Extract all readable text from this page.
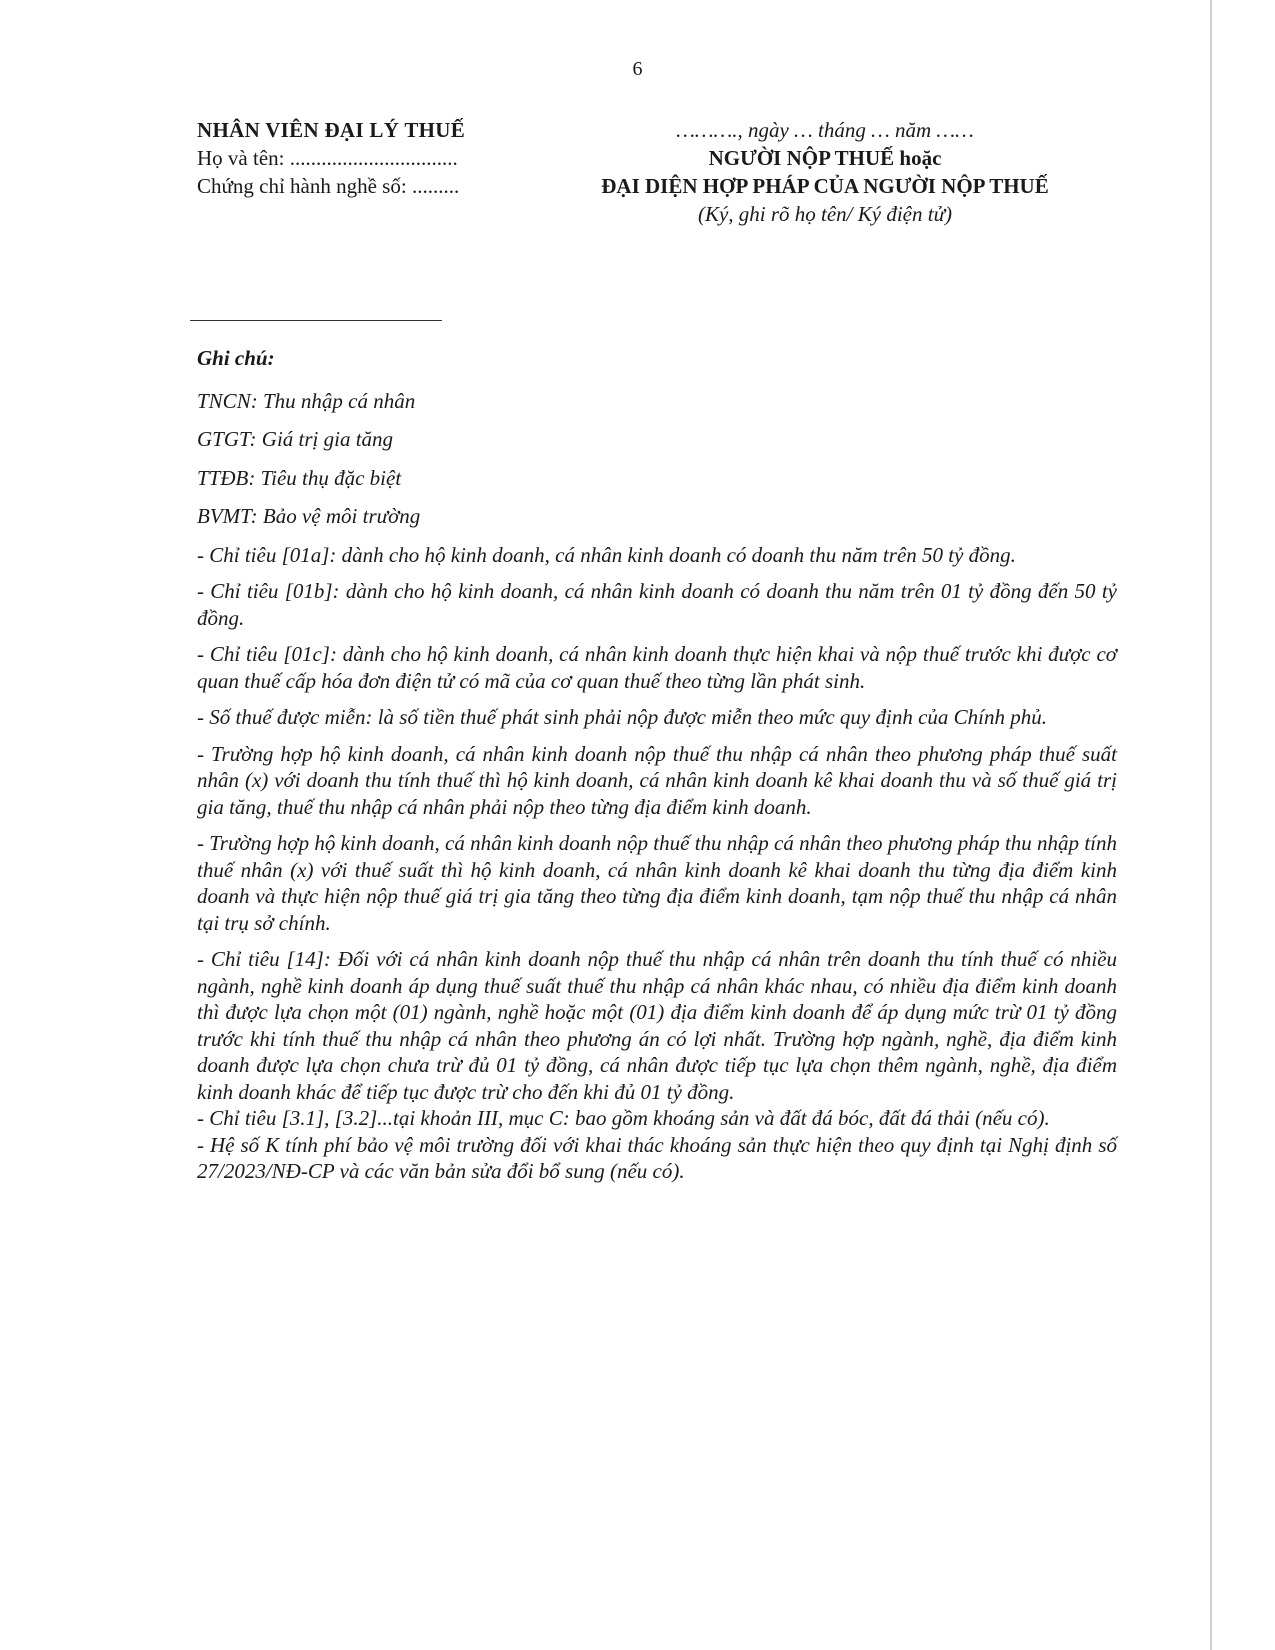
6
NHÂN VIÊN ĐẠI LÝ THUẾ
Họ và tên: ................................
Chứng chỉ hành nghề số: .........
………., ngày … tháng … năm ……
NGƯỜI NỘP THUẾ hoặc
ĐẠI DIỆN HỢP PHÁP CỦA NGƯỜI NỘP THUẾ
(Ký, ghi rõ họ tên/ Ký điện tử)
Ghi chú:
TNCN: Thu nhập cá nhân
GTGT: Giá trị gia tăng
TTĐB: Tiêu thụ đặc biệt
BVMT: Bảo vệ môi trường
- Chỉ tiêu [01a]: dành cho hộ kinh doanh, cá nhân kinh doanh có doanh thu năm trên 50 tỷ đồng.
- Chỉ tiêu [01b]: dành cho hộ kinh doanh, cá nhân kinh doanh có doanh thu năm trên 01 tỷ đồng đến 50 tỷ đồng.
- Chỉ tiêu [01c]: dành cho hộ kinh doanh, cá nhân kinh doanh thực hiện khai và nộp thuế trước khi được cơ quan thuế cấp hóa đơn điện tử có mã của cơ quan thuế theo từng lần phát sinh.
- Số thuế được miễn: là số tiền thuế phát sinh phải nộp được miễn theo mức quy định của Chính phủ.
- Trường hợp hộ kinh doanh, cá nhân kinh doanh nộp thuế thu nhập cá nhân theo phương pháp thuế suất nhân (x) với doanh thu tính thuế thì hộ kinh doanh, cá nhân kinh doanh kê khai doanh thu và số thuế giá trị gia tăng, thuế thu nhập cá nhân phải nộp theo từng địa điểm kinh doanh.
- Trường hợp hộ kinh doanh, cá nhân kinh doanh nộp thuế thu nhập cá nhân theo phương pháp thu nhập tính thuế nhân (x) với thuế suất thì hộ kinh doanh, cá nhân kinh doanh kê khai doanh thu từng địa điểm kinh doanh và thực hiện nộp thuế giá trị gia tăng theo từng địa điểm kinh doanh, tạm nộp thuế thu nhập cá nhân tại trụ sở chính.
- Chỉ tiêu [14]: Đối với cá nhân kinh doanh nộp thuế thu nhập cá nhân trên doanh thu tính thuế có nhiều ngành, nghề kinh doanh áp dụng thuế suất thuế thu nhập cá nhân khác nhau, có nhiều địa điểm kinh doanh thì được lựa chọn một (01) ngành, nghề hoặc một (01) địa điểm kinh doanh để áp dụng mức trừ 01 tỷ đồng trước khi tính thuế thu nhập cá nhân theo phương án có lợi nhất. Trường hợp ngành, nghề, địa điểm kinh doanh được lựa chọn chưa trừ đủ 01 tỷ đồng, cá nhân được tiếp tục lựa chọn thêm ngành, nghề, địa điểm kinh doanh khác để tiếp tục được trừ cho đến khi đủ 01 tỷ đồng.
- Chỉ tiêu [3.1], [3.2]...tại khoản III, mục C: bao gồm khoáng sản và đất đá bóc, đất đá thải (nếu có).
- Hệ số K tính phí bảo vệ môi trường đối với khai thác khoáng sản thực hiện theo quy định tại Nghị định số 27/2023/NĐ-CP và các văn bản sửa đổi bổ sung (nếu có).
